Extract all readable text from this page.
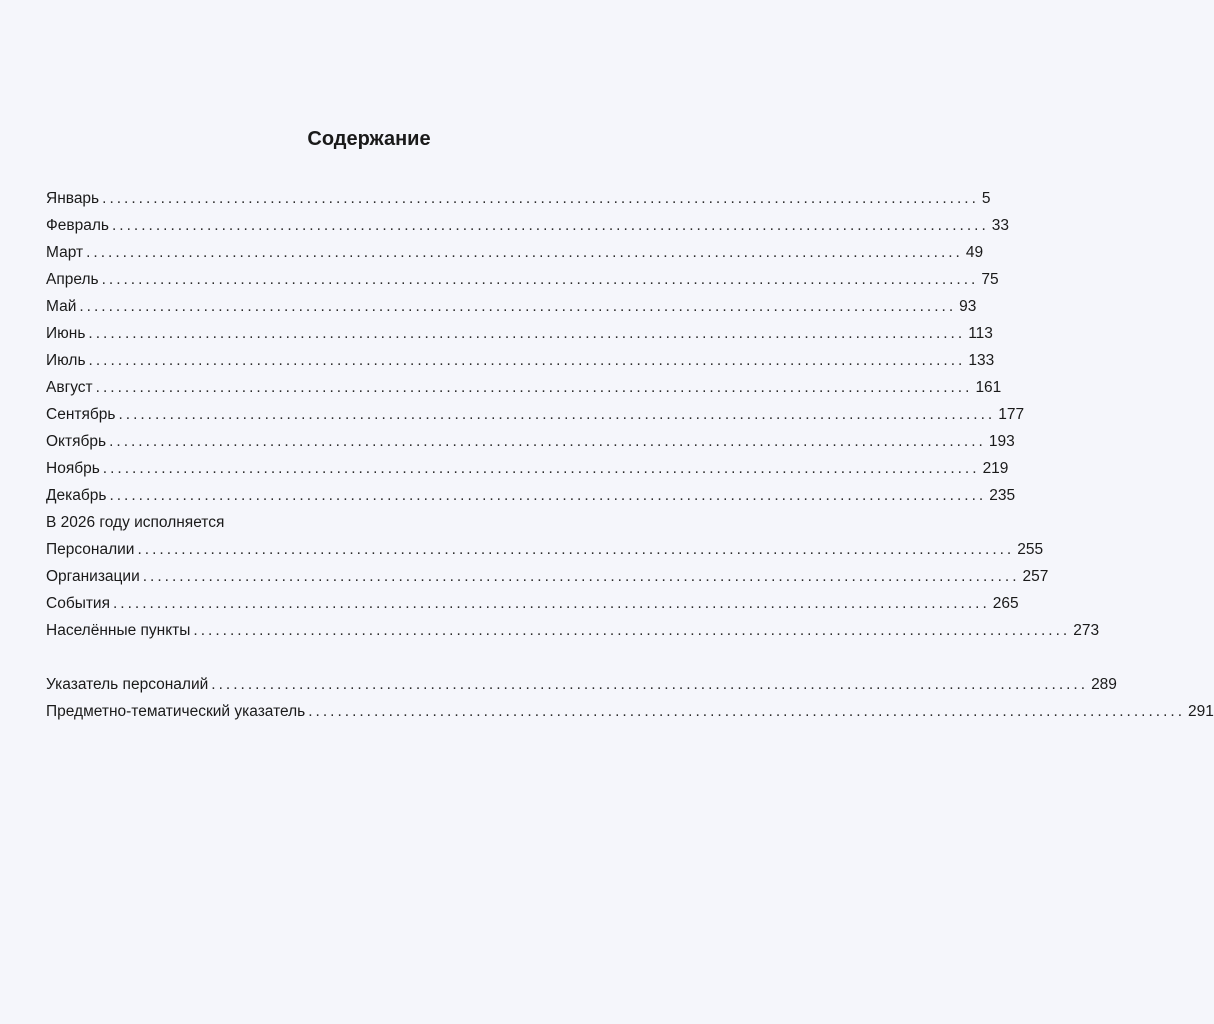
Содержание
Январь ........................................................................................................................ 5
Февраль ........................................................................................................................ 33
Март ........................................................................................................................ 49
Апрель ........................................................................................................................ 75
Май ........................................................................................................................ 93
Июнь ........................................................................................................................ 113
Июль ........................................................................................................................ 133
Август ........................................................................................................................ 161
Сентябрь ........................................................................................................................ 177
Октябрь ........................................................................................................................ 193
Ноябрь ........................................................................................................................ 219
Декабрь ........................................................................................................................ 235
В 2026 году исполняется
Персоналии ........................................................................................................................ 255
Организации ........................................................................................................................ 257
События ........................................................................................................................ 265
Населённые пункты ........................................................................................................................ 273
Указатель персоналий ........................................................................................................................ 289
Предметно-тематический указатель ........................................................................................................................ 291
